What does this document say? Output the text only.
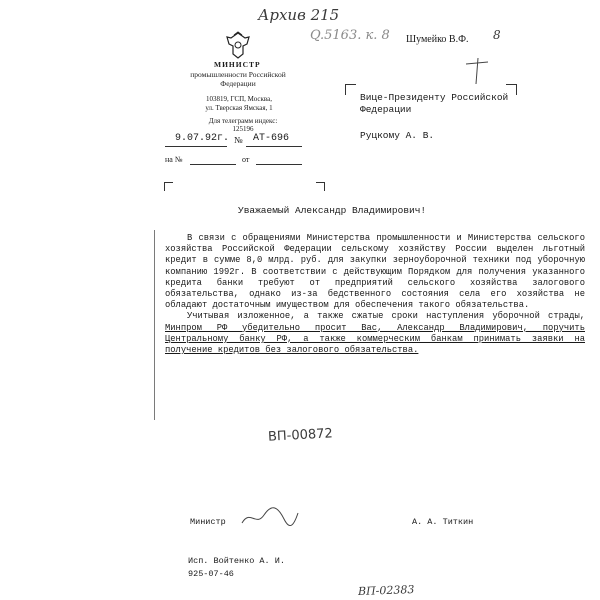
Архив 215
Q.5163. к. 8 Шумейко В.Ф. 8
МИНИСТР
промышленности Российской Федерации
103819, ГСП, Москва,
ул. Тверская Ямская, 1
Для телеграмм индекс:
125196
9.07.92г. № АТ-696
на №	от
Вице-Президенту Российской
Федерации
Руцкому А. В.
Уважаемый Александр Владимирович!

В связи с обращениями Министерства промышленности и Министерства сельского хозяйства Российской Федерации сельскому хозяйству России выделен льготный кредит в сумме 8,0 млрд. руб. для закупки зерноуборочной техники под уборочную компанию 1992г. В соответствии с действующим Порядком для получения указанного кредита банки требуют от предприятий сельского хозяйства залогового обязательства, однако из-за бедственного состояния села его хозяйства не обладают достаточным имуществом для обеспечения такого обязательства.

Учитывая изложенное, а также сжатые сроки наступления уборочной страды, Минпром РФ убедительно просит Вас, Александр Владимирович, поручить Центральному банку РФ, а также коммерческим банкам принимать заявки на получение кредитов без залогового обязательства.

ВП-00872
Министр	А. А. Титкин
Исп. Войтенко А. И.
925-07-46
ВП-02383
